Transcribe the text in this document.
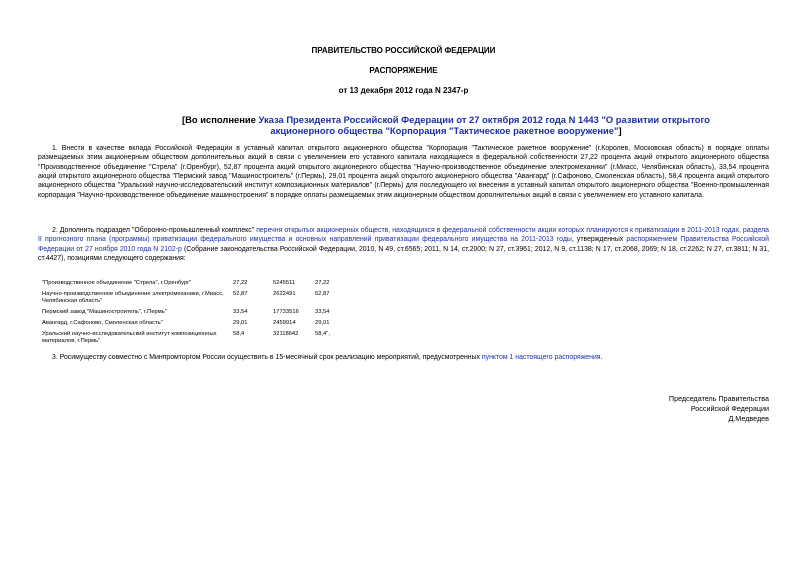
ПРАВИТЕЛЬСТВО РОССИЙСКОЙ ФЕДЕРАЦИИ
РАСПОРЯЖЕНИЕ
от 13 декабря 2012 года N 2347-р
[Во исполнение Указа Президента Российской Федерации от 27 октября 2012 года N 1443 "О развитии открытого акционерного общества "Корпорация "Тактическое ракетное вооружение"]

1. Внести в качестве вклада Российской Федерации в уставный капитал открытого акционерного общества "Корпорация "Тактическое ракетное вооружение" (г.Королев, Московская область) в порядке оплаты размещаемых этим акционерным обществом дополнительных акций в связи с увеличением его уставного капитала находящиеся в федеральной собственности 27,22 процента акций открытого акционерного общества "Производственное объединение "Стрела" (г.Оренбург), 52,87 процента акций открытого акционерного общества "Научно-производственное объединение электромеханики" (г.Миасс, Челябинская область), 33,54 процента акций открытого акционерного общества "Пермский завод "Машиностроитель" (г.Пермь), 29,01 процента акций открытого акционерного общества "Авангард" (г.Сафоново, Смоленская область), 58,4 процента акций открытого акционерного общества "Уральский научно-исследовательский институт композиционных материалов" (г.Пермь) для последующего их внесения в уставный капитал открытого акционерного общества "Военно-промышленная корпорация "Научно-производственное объединение машиностроения" в порядке оплаты размещаемых этим акционерным обществом дополнительных акций в связи с увеличением его уставного капитала.

2. Дополнить подраздел "Оборонно-промышленный комплекс" перечня открытых акционерных обществ, находящихся в федеральной собственности акции которых планируются к приватизации в 2011-2013 годах, раздела II прогнозного плана (программы) приватизации федерального имущества и основных направлений приватизации федерального имущества на 2011-2013 годы, утвержденных распоряжением Правительства Российской Федерации от 27 ноября 2010 года N 2102-р (Собрание законодательства Российской Федерации, 2010, N 49, ст.6565; 2011, N 14, ст.2000; N 27, ст.3961; 2012, N 9, ст.1138; N 17, ст.2068, 2069; N 18, ст.2262; N 27, ст.3811; N 31, ст.4427), позициями следующего содержания:

"Производственное объединение "Стрела", г.Оренбург"	27,22	5245511	27,22
Научно-производственное объединение электромеханики, г.Миасс, Челябинская область"	52,87	2622491	52,87
Пермский завод "Машиностроитель", г.Пермь"	33,54	17733516	33,54
Авангард, г.Сафоново, Смоленская область"	29,01	2459914	29,01
Уральский научно-исследовательский институт композиционных материалов, г.Пермь"	58,4	32118642	58,4",

3. Росимуществу совместно с Минпромторгом России осуществить в 15-месячный срок реализацию мероприятий, предусмотренных пунктом 1 настоящего распоряжения.

Председатель Правительства
Российской Федерации
Д.Медведев
